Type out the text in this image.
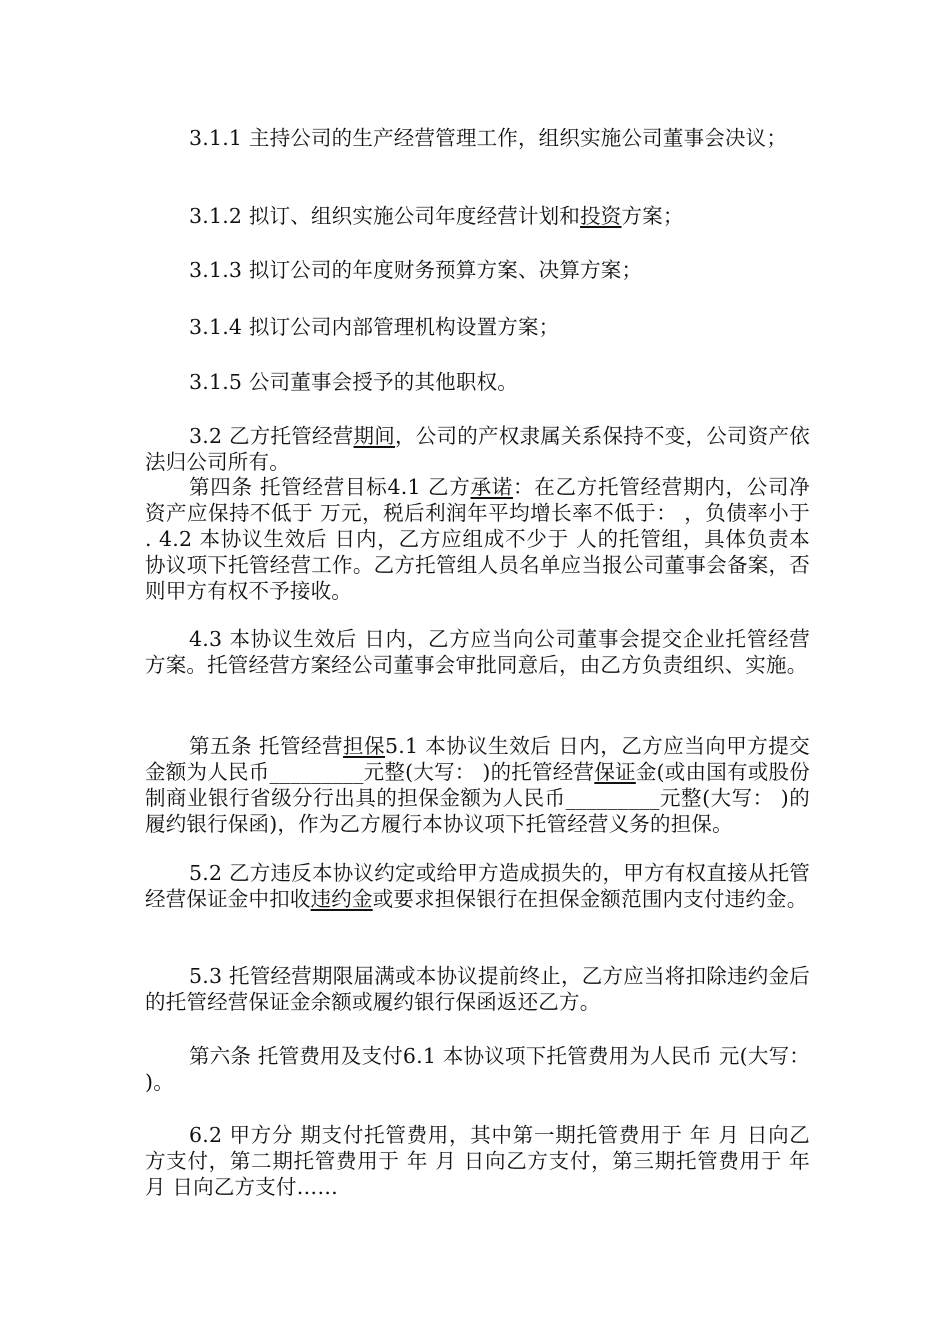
3.1.1 主持公司的生产经营管理工作，组织实施公司董事会决议；

3.1.2 拟订、组织实施公司年度经营计划和投资方案；

3.1.3 拟订公司的年度财务预算方案、决算方案；

3.1.4 拟订公司内部管理机构设置方案；

3.1.5 公司董事会授予的其他职权。

3.2 乙方托管经营期间，公司的产权隶属关系保持不变，公司资产依法归公司所有。

第四条 托管经营目标4.1 乙方承诺：在乙方托管经营期内，公司净资产应保持不低于 万元，税后利润年平均增长率不低于： ，负债率小于 . 4.2 本协议生效后 日内，乙方应组成不少于 人的托管组，具体负责本协议项下托管经营工作。乙方托管组人员名单应当报公司董事会备案，否则甲方有权不予接收。

4.3 本协议生效后 日内，乙方应当向公司董事会提交企业托管经营方案。托管经营方案经公司董事会审批同意后，由乙方负责组织、实施。

第五条 托管经营担保5.1 本协议生效后 日内，乙方应当向甲方提交金额为人民币_________元整(大写： )的托管经营保证金(或由国有或股份制商业银行省级分行出具的担保金额为人民币_________元整(大写： )的履约银行保函)，作为乙方履行本协议项下托管经营义务的担保。

5.2 乙方违反本协议约定或给甲方造成损失的，甲方有权直接从托管经营保证金中扣收违约金或要求担保银行在担保金额范围内支付违约金。

5.3 托管经营期限届满或本协议提前终止，乙方应当将扣除违约金后的托管经营保证金余额或履约银行保函返还乙方。

第六条 托管费用及支付6.1 本协议项下托管费用为人民币 元(大写： )。

6.2 甲方分 期支付托管费用，其中第一期托管费用于 年 月 日向乙方支付，第二期托管费用于 年 月 日向乙方支付，第三期托管费用于 年 月 日向乙方支付……
